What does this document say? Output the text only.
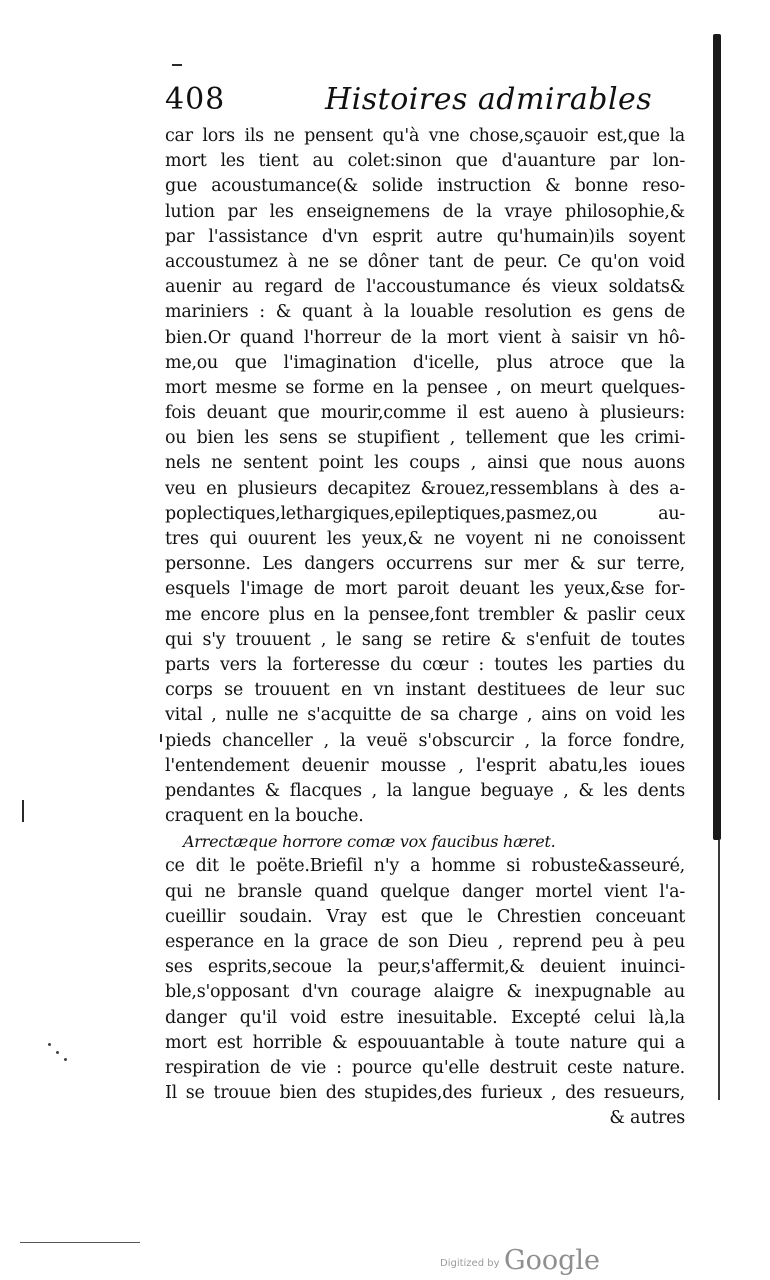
408	Histoires admirables
car lors ils ne pensent qu'à vne chose,sçauoir est,que la
mort les tient au colet:sinon que d'auanture par lon-
gue acoustumance(& solide instruction & bonne reso-
lution par les enseignemens de la vraye philosophie,&
par l'assistance d'vn esprit autre qu'humain)ils soyent
accoustumez à ne se dôner tant de peur. Ce qu'on void
auenir au regard de l'accoustumance és vieux soldats&
mariniers : & quant à la louable resolution es gens de
bien.Or quand l'horreur de la mort vient à saisir vn hô-
me,ou que l'imagination d'icelle, plus atroce que la
mort mesme se forme en la pensee , on meurt quelques-
fois deuant que mourir,comme il est aueno à plusieurs:
ou bien les sens se stupifient , tellement que les crimi-
nels ne sentent point les coups , ainsi que nous auons
veu en plusieurs decapitez &rouez,ressemblans à des a-
poplectiques,lethargiques,epileptiques,pasmez,ou au-
tres qui ouurent les yeux,& ne voyent ni ne conoissent
personne. Les dangers occurrens sur mer & sur terre,
esquels l'image de mort paroit deuant les yeux,&se for-
me encore plus en la pensee,font trembler & paslir ceux
qui s'y trouuent , le sang se retire & s'enfuit de toutes
parts vers la forteresse du cœur : toutes les parties du
corps se trouuent en vn instant destituees de leur suc
vital , nulle ne s'acquitte de sa charge , ains on void les
pieds chanceller , la veuë s'obscurcir , la force fondre,
l'entendement deuenir mousse , l'esprit abatu,les ioues
pendantes & flacques , la langue beguaye , & les dents
craquent en la bouche.
Arrectæque horrore comæ vox faucibus hæret.
ce dit le poëte.Briefil n'y a homme si robuste&asseuré,
qui ne bransle quand quelque danger mortel vient l'a-
cueillir soudain. Vray est que le Chrestien conceuant
esperance en la grace de son Dieu , reprend peu à peu
ses esprits,secoue la peur,s'affermit,& deuient inuinci-
ble,s'opposant d'vn courage alaigre & inexpugnable au
danger qu'il void estre inesuitable. Excepté celui là,la
mort est horrible & espouuantable à toute nature qui a
respiration de vie : pource qu'elle destruit ceste nature.
Il se trouue bien des stupides,des furieux , des resueurs,
& autres
Digitized by Google
